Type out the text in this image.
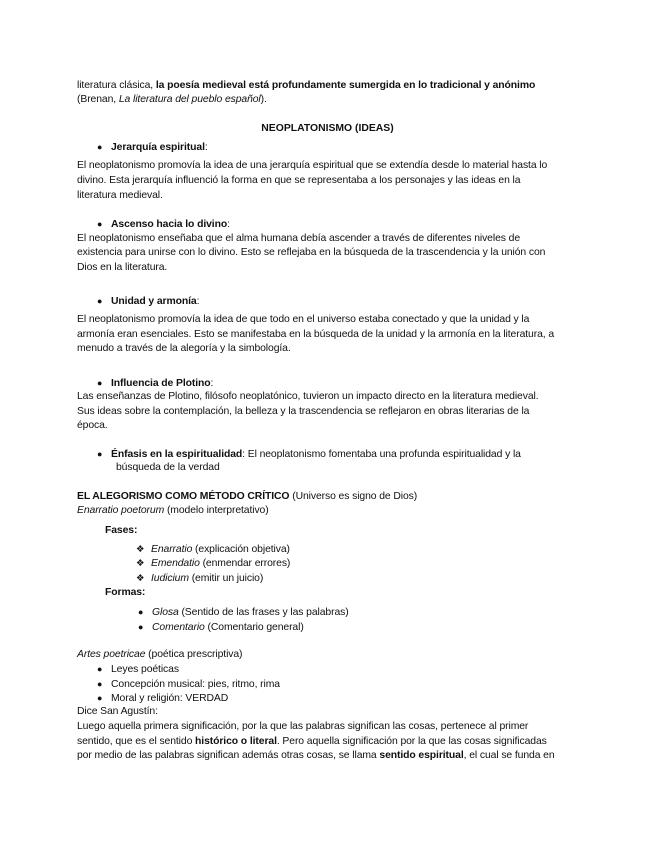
literatura clásica, la poesía medieval está profundamente sumergida en lo tradicional y anónimo
(Brenan, La literatura del pueblo español).
NEOPLATONISMO (IDEAS)
● Jerarquía espiritual:
El neoplatonismo promovía la idea de una jerarquía espiritual que se extendía desde lo material hasta lo
divino. Esta jerarquía influenció la forma en que se representaba a los personajes y las ideas en la
literatura medieval.
● Ascenso hacia lo divino:
El neoplatonismo enseñaba que el alma humana debía ascender a través de diferentes niveles de
existencia para unirse con lo divino. Esto se reflejaba en la búsqueda de la trascendencia y la unión con
Dios en la literatura.
● Unidad y armonía:
El neoplatonismo promovía la idea de que todo en el universo estaba conectado y que la unidad y la
armonía eran esenciales. Esto se manifestaba en la búsqueda de la unidad y la armonía en la literatura, a
menudo a través de la alegoría y la simbología.
● Influencia de Plotino:
Las enseñanzas de Plotino, filósofo neoplatónico, tuvieron un impacto directo en la literatura medieval.
Sus ideas sobre la contemplación, la belleza y la trascendencia se reflejaron en obras literarias de la
época.
● Énfasis en la espiritualidad: El neoplatonismo fomentaba una profunda espiritualidad y la
búsqueda de la verdad
EL ALEGORISMO COMO MÉTODO CRÍTICO (Universo es signo de Dios)
Enarratio poetorum (modelo interpretativo)
Fases:
❖ Enarratio (explicación objetiva)
❖ Emendatio (enmendar errores)
❖ Iudicium (emitir un juicio)
Formas:
● Glosa (Sentido de las frases y las palabras)
● Comentario (Comentario general)
Artes poetricae (poética prescriptiva)
● Leyes poéticas
● Concepción musical: pies, ritmo, rima
● Moral y religión: VERDAD
Dice San Agustín:
Luego aquella primera significación, por la que las palabras significan las cosas, pertenece al primer
sentido, que es el sentido histórico o literal. Pero aquella significación por la que las cosas significadas
por medio de las palabras significan además otras cosas, se llama sentido espiritual, el cual se funda en
